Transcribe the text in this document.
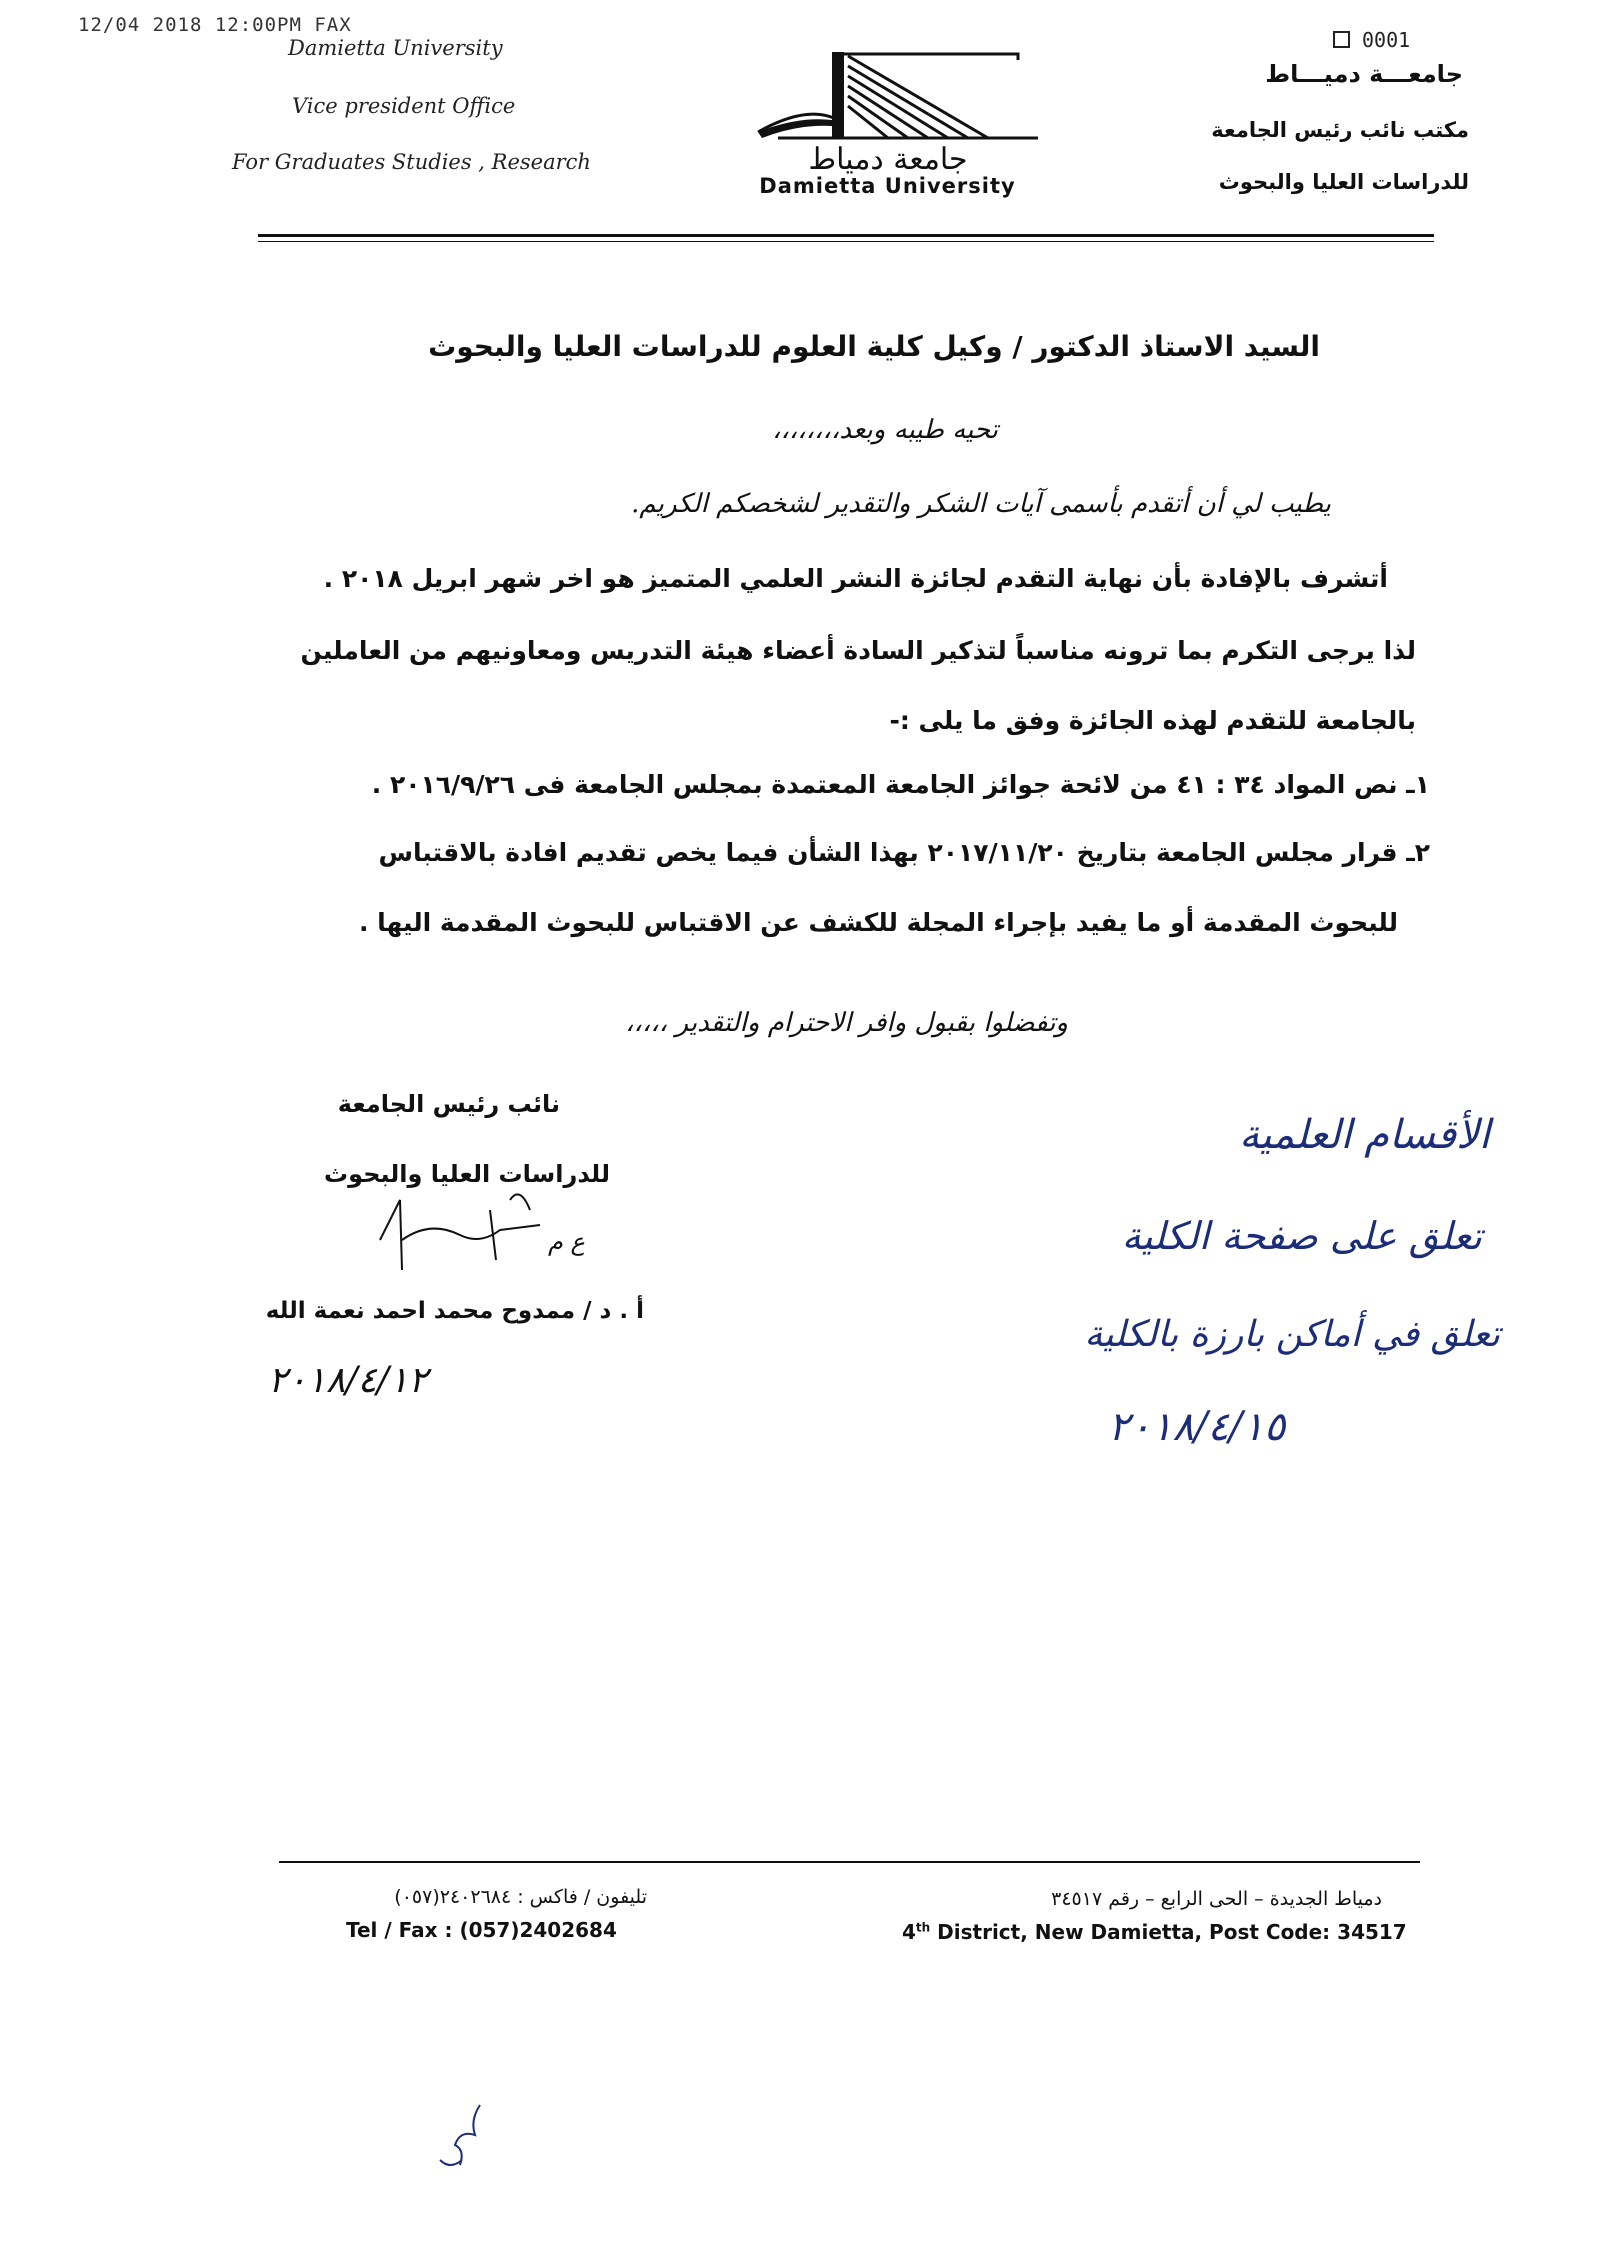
12/04 2018 12:00PM FAX
0001
Damietta University
Vice president Office
For Graduates Studies , Research	جامعة دمياط
Damietta University
جامعـــة دميـــاط
مكتب نائب رئيس الجامعة
للدراسات العليا والبحوث
السيد الاستاذ الدكتور / وكيل كلية العلوم للدراسات العليا والبحوث
تحيه طيبه وبعد،،،،،،،،
يطيب لي أن أتقدم بأسمى آيات الشكر والتقدير لشخصكم الكريم.
أتشرف بالإفادة بأن نهاية التقدم لجائزة النشر العلمي المتميز هو اخر شهر ابريل ٢٠١٨ .
لذا يرجى التكرم بما ترونه مناسباً لتذكير السادة أعضاء هيئة التدريس ومعاونيهم من العاملين
بالجامعة للتقدم لهذه الجائزة وفق ما يلى :-
١ـ نص المواد ٣٤ : ٤١ من لائحة جوائز الجامعة المعتمدة بمجلس الجامعة فى ٢٠١٦/٩/٢٦ .
٢ـ قرار مجلس الجامعة بتاريخ ٢٠١٧/١١/٢٠ بهذا الشأن فيما يخص تقديم افادة بالاقتباس
للبحوث المقدمة أو ما يفيد بإجراء المجلة للكشف عن الاقتباس للبحوث المقدمة اليها .
وتفضلوا بقبول وافر الاحترام والتقدير ،،،،،
نائب رئيس الجامعة
للدراسات العليا والبحوث
ع م
أ . د / ممدوح محمد احمد نعمة الله
٢٠١٨/٤/١٢
الأقسام العلمية
تعلق على صفحة الكلية
تعلق في أماكن بارزة بالكلية
٢٠١٨/٤/١٥
تليفون / فاكس : ٢٤٠٢٦٨٤(٠٥٧)
Tel / Fax : (057)2402684
دمياط الجديدة – الحى الرابع – رقم ٣٤٥١٧
4th District, New Damietta, Post Code: 34517
